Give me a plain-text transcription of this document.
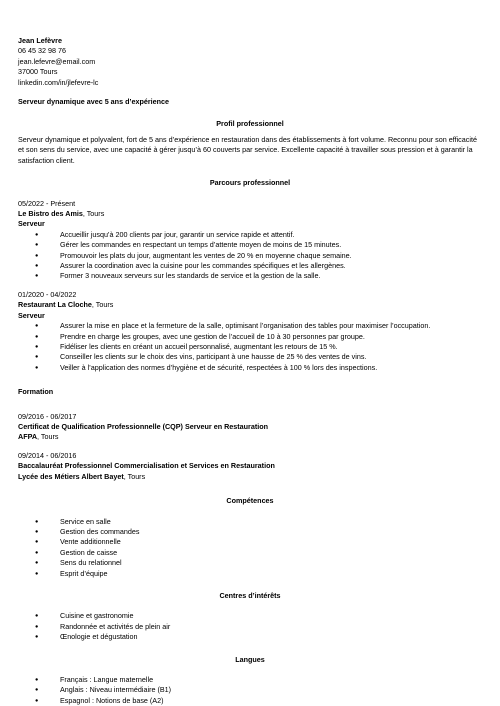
Jean Lefèvre
06 45 32 98 76
jean.lefevre@email.com
37000 Tours
linkedin.com/in/jlefevre-lc
Serveur dynamique avec 5 ans d’expérience
Profil professionnel
Serveur dynamique et polyvalent, fort de 5 ans d’expérience en restauration dans des établissements à fort volume. Reconnu pour son efficacité et son sens du service, avec une capacité à gérer jusqu’à 60 couverts par service. Excellente capacité à travailler sous pression et à garantir la satisfaction client.
Parcours professionnel
05/2022 - Présent
Le Bistro des Amis, Tours
Serveur
● Accueillir jusqu’à 200 clients par jour, garantir un service rapide et attentif.
● Gérer les commandes en respectant un temps d’attente moyen de moins de 15 minutes.
● Promouvoir les plats du jour, augmentant les ventes de 20 % en moyenne chaque semaine.
● Assurer la coordination avec la cuisine pour les commandes spécifiques et les allergènes.
● Former 3 nouveaux serveurs sur les standards de service et la gestion de la salle.
01/2020 - 04/2022
Restaurant La Cloche, Tours
Serveur
● Assurer la mise en place et la fermeture de la salle, optimisant l’organisation des tables pour maximiser l’occupation.
● Prendre en charge les groupes, avec une gestion de l’accueil de 10 à 30 personnes par groupe.
● Fidéliser les clients en créant un accueil personnalisé, augmentant les retours de 15 %.
● Conseiller les clients sur le choix des vins, participant à une hausse de 25 % des ventes de vins.
● Veiller à l’application des normes d’hygiène et de sécurité, respectées à 100 % lors des inspections.
Formation
09/2016 - 06/2017
Certificat de Qualification Professionnelle (CQP) Serveur en Restauration
AFPA, Tours
09/2014 - 06/2016
Baccalauréat Professionnel Commercialisation et Services en Restauration
Lycée des Métiers Albert Bayet, Tours
Compétences
● Service en salle
● Gestion des commandes
● Vente additionnelle
● Gestion de caisse
● Sens du relationnel
● Esprit d’équipe
Centres d’intérêts
● Cuisine et gastronomie
● Randonnée et activités de plein air
● Œnologie et dégustation
Langues
● Français : Langue maternelle
● Anglais : Niveau intermédiaire (B1)
● Espagnol : Notions de base (A2)
